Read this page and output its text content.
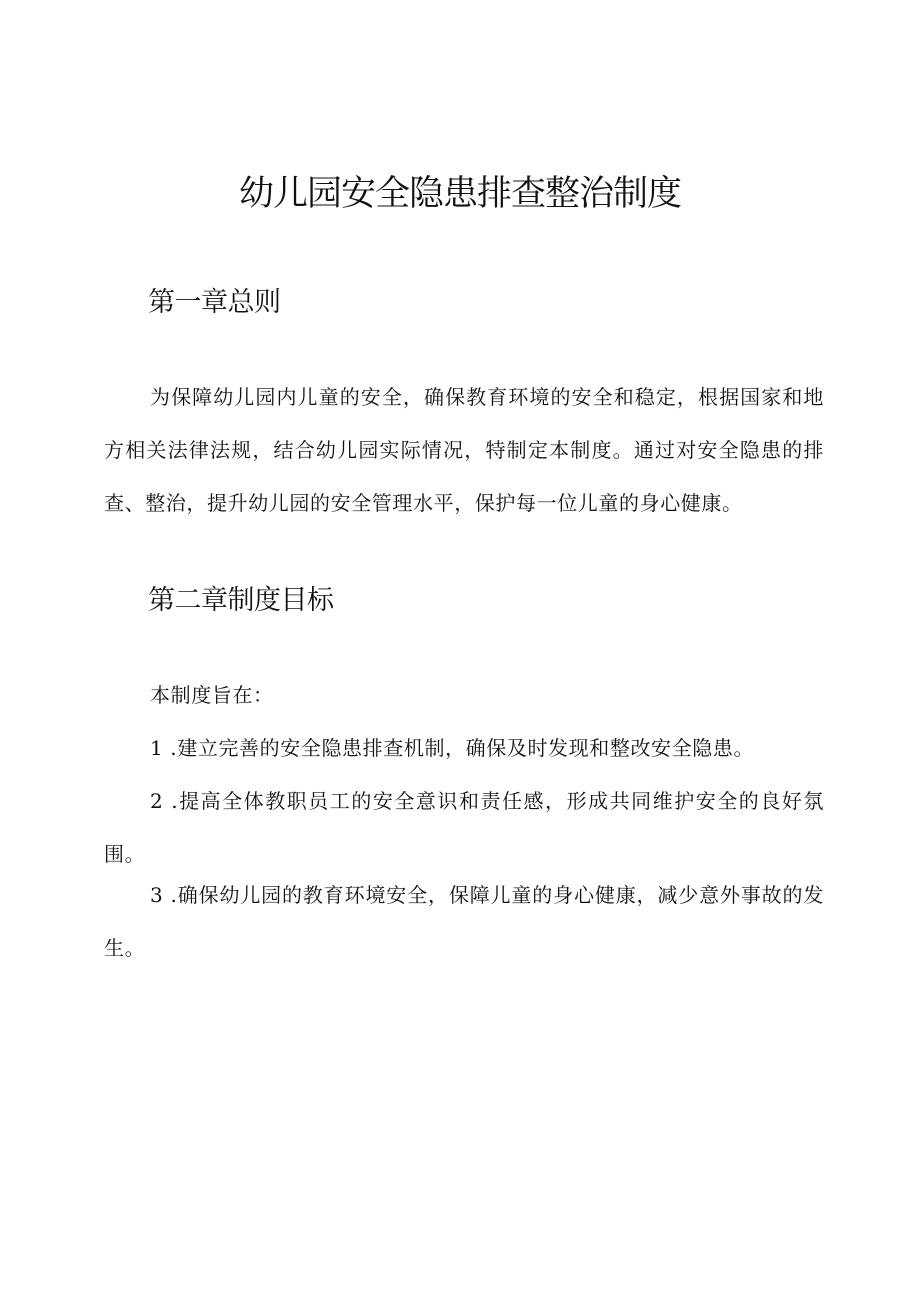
幼儿园安全隐患排查整治制度
第一章总则

为保障幼儿园内儿童的安全，确保教育环境的安全和稳定，根据国家和地方相关法律法规，结合幼儿园实际情况，特制定本制度。通过对安全隐患的排查、整治，提升幼儿园的安全管理水平，保护每一位儿童的身心健康。

第二章制度目标

本制度旨在：

1 .建立完善的安全隐患排查机制，确保及时发现和整改安全隐患。

2 .提高全体教职员工的安全意识和责任感，形成共同维护安全的良好氛围。

3 .确保幼儿园的教育环境安全，保障儿童的身心健康，减少意外事故的发生。
